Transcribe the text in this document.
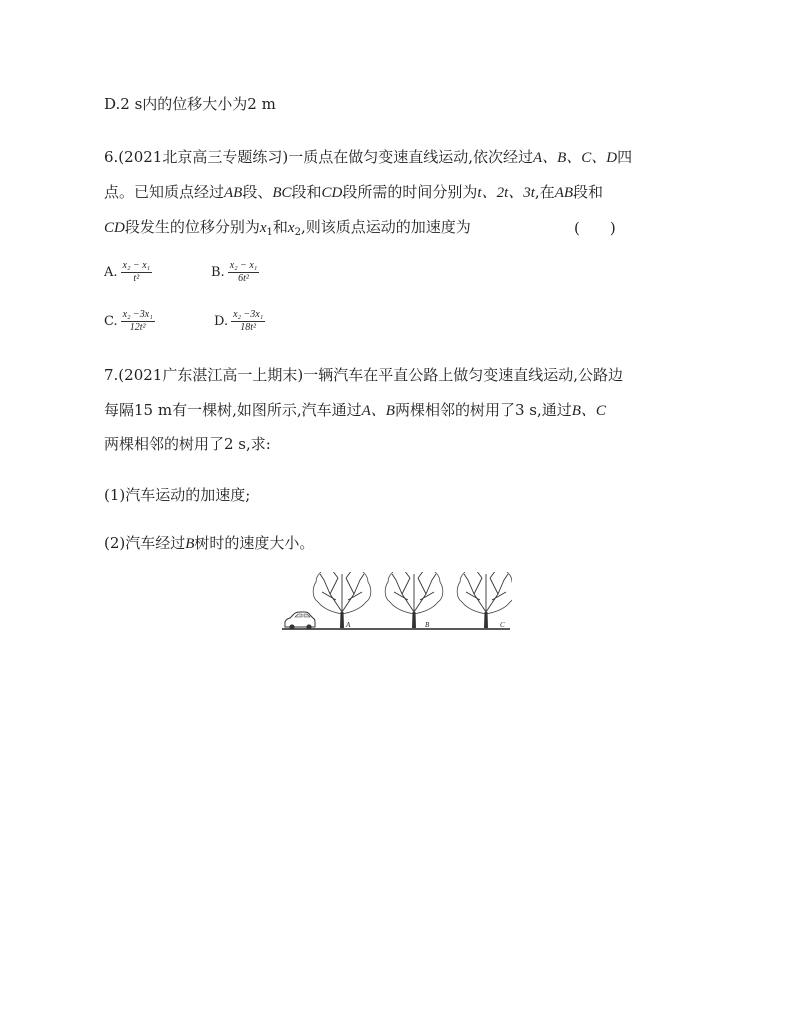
D.2 s内的位移大小为2 m
6.(2021北京高三专题练习)一质点在做匀变速直线运动,依次经过A、B、C、D四
点。已知质点经过AB段、BC段和CD段所需的时间分别为t、2t、3t,在AB段和
CD段发生的位移分别为$x_1$和$x_2$,则该质点运动的加速度为	(　　)
A. $\frac{\text{x₂ − x₁}}{\text{t²}}$	B. $\frac{\text{x₂ − x₁}}{\text{6t²}}$
C. $\frac{\text{x₂ −3x₁}}{\text{12t²}}$	D. $\frac{\text{x₂ −3x₁}}{\text{18t²}}$
7.(2021广东湛江高一上期末)一辆汽车在平直公路上做匀变速直线运动,公路边
每隔15 m有一棵树,如图所示,汽车通过A、B两棵相邻的树用了3 s,通过B、C
两棵相邻的树用了2 s,求:
(1)汽车运动的加速度;
(2)汽车经过B树时的速度大小。
A	B	C
